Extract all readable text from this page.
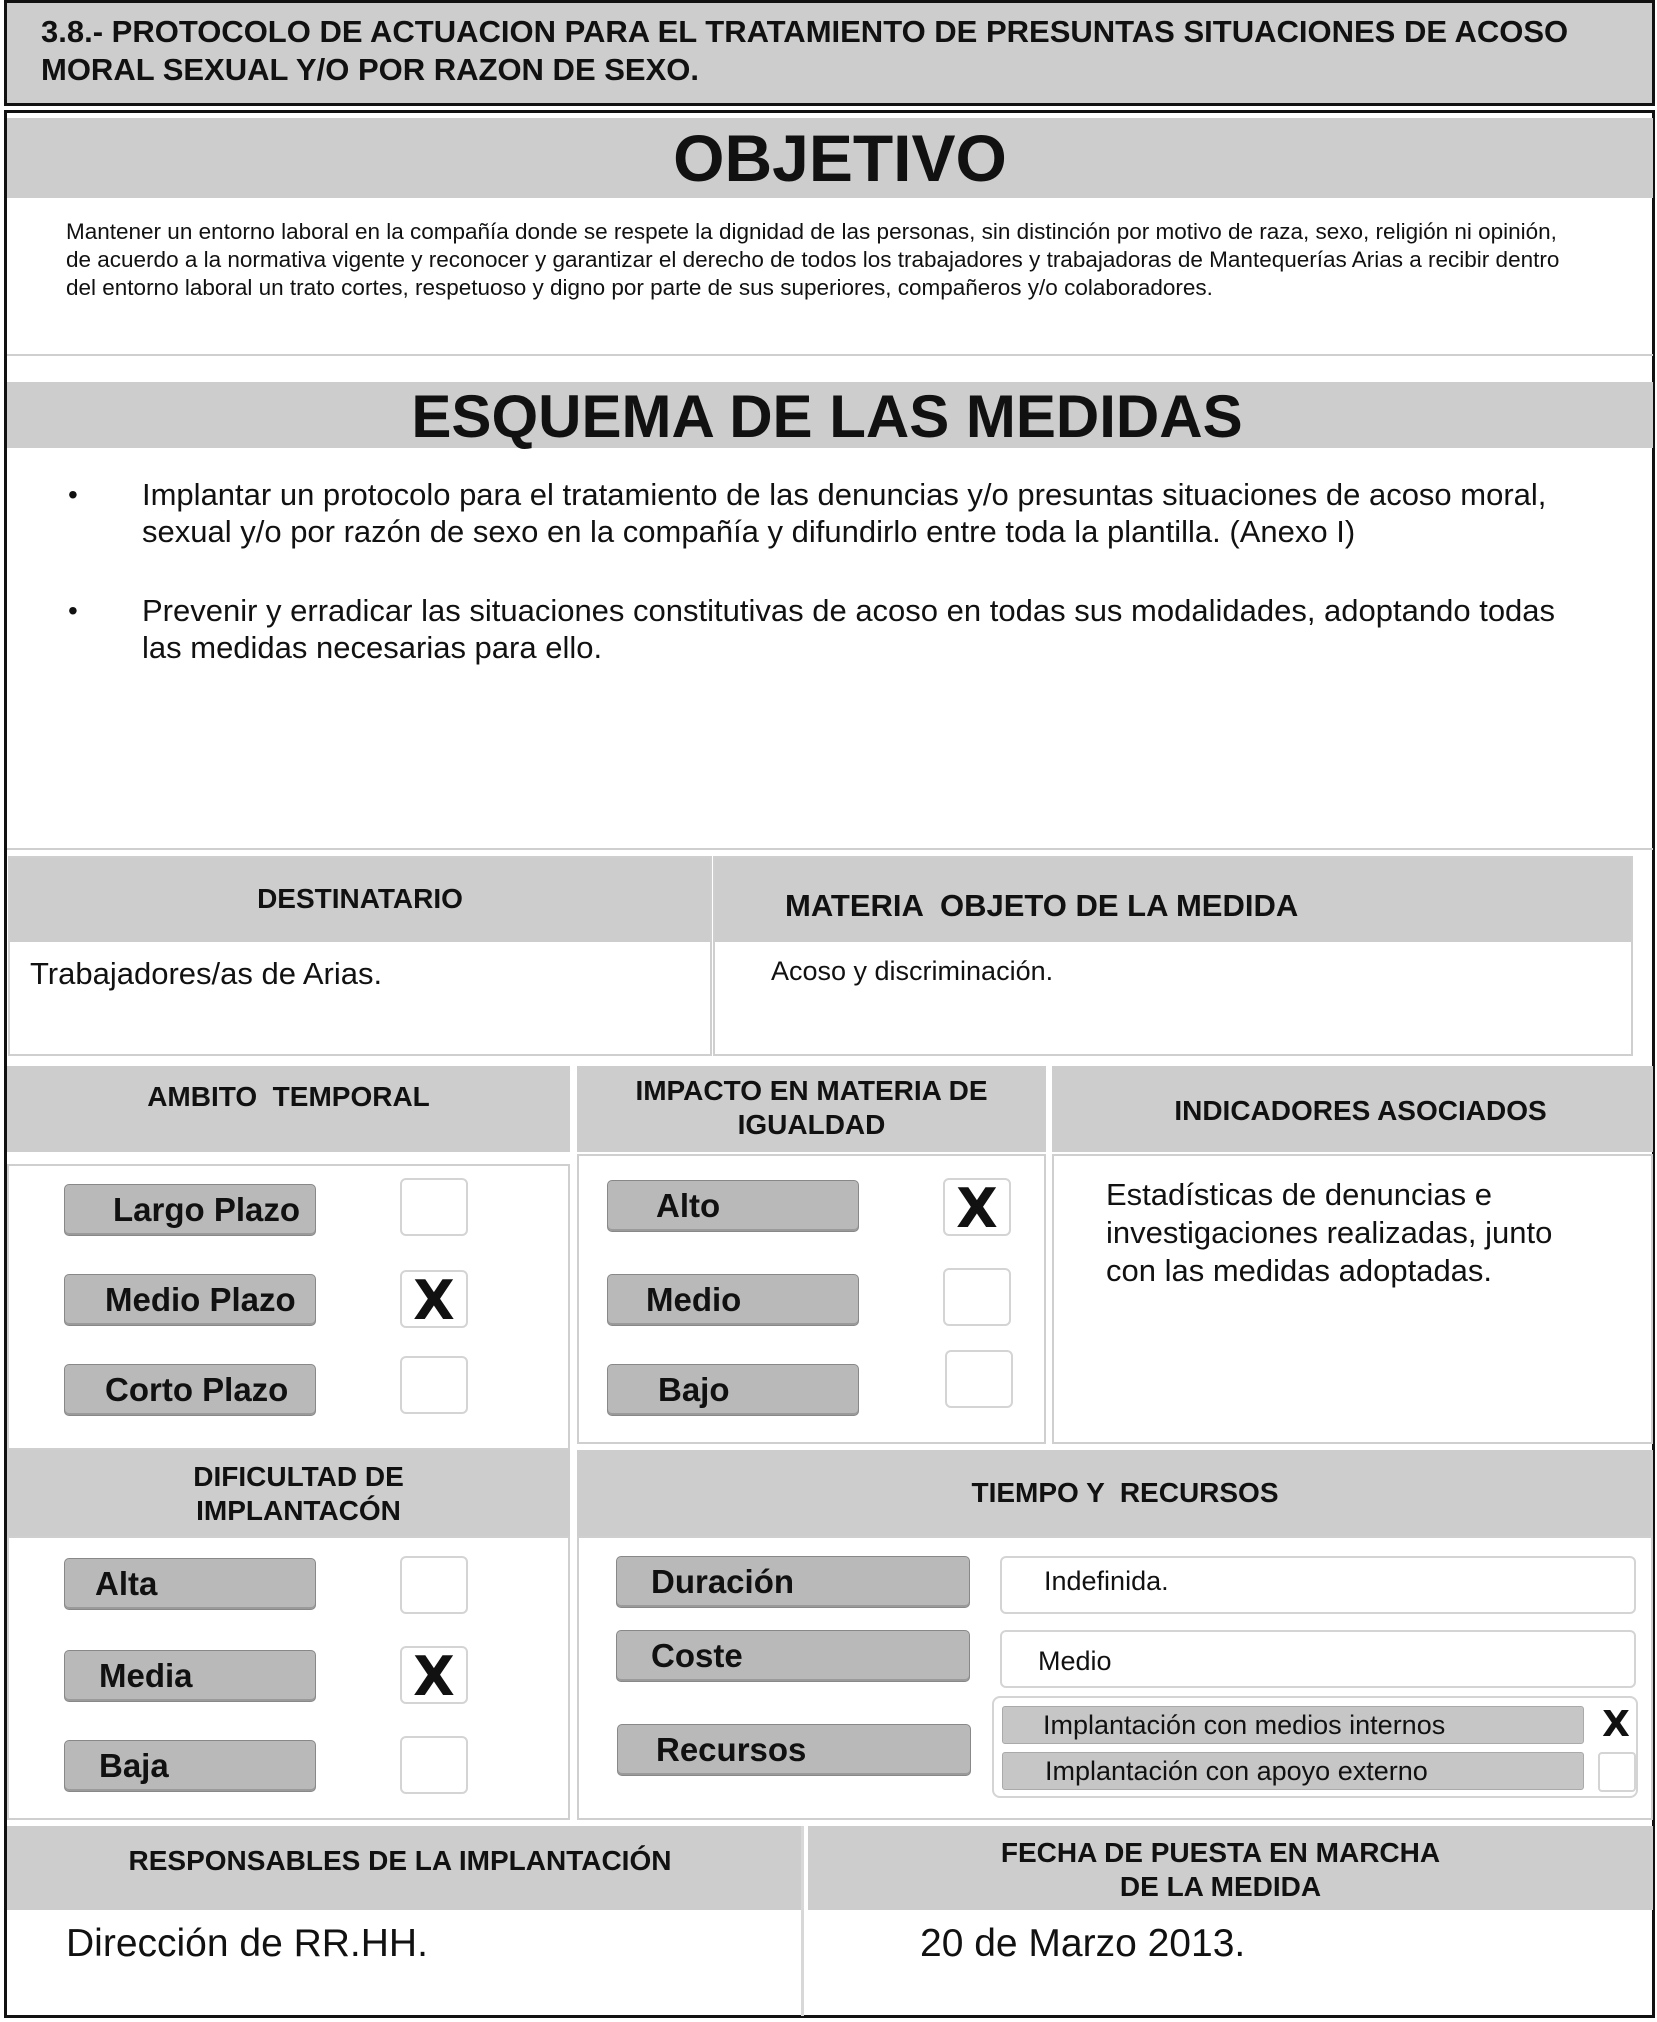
3.8.- PROTOCOLO DE ACTUACION PARA EL TRATAMIENTO DE PRESUNTAS SITUACIONES DE ACOSO MORAL SEXUAL Y/O POR RAZON DE SEXO.
OBJETIVO
Mantener un entorno laboral en la compañía donde se respete la dignidad de las personas, sin distinción por motivo de raza, sexo, religión ni opinión, de acuerdo a la normativa vigente y reconocer y garantizar el derecho de todos los trabajadores y trabajadoras de Mantequerías Arias a recibir dentro del entorno laboral un trato cortes, respetuoso y digno por parte de sus superiores, compañeros y/o colaboradores.
ESQUEMA DE LAS MEDIDAS
• Implantar un protocolo para el tratamiento de las denuncias y/o presuntas situaciones de acoso moral, sexual y/o por razón de sexo en la compañía y difundirlo entre toda la plantilla. (Anexo I)
• Prevenir y erradicar las situaciones constitutivas de acoso en todas sus modalidades, adoptando todas las medidas necesarias para ello.
DESTINATARIO
Trabajadores/as de Arias.
MATERIA  OBJETO DE LA MEDIDA
Acoso y discriminación.
AMBITO  TEMPORAL
Largo Plazo
Medio Plazo	X
Corto Plazo
IMPACTO EN MATERIA DE IGUALDAD
Alto	X
Medio
Bajo
INDICADORES ASOCIADOS
Estadísticas de denuncias e investigaciones realizadas, junto con las medidas adoptadas.
DIFICULTAD DE IMPLANTACÓN
Alta
Media	X
Baja
TIEMPO Y  RECURSOS
Duración	Indefinida.
Coste	Medio
Recursos
Implantación con medios internos	X
Implantación con apoyo externo
RESPONSABLES DE LA IMPLANTACIÓN
Dirección de RR.HH.
FECHA DE PUESTA EN MARCHA DE LA MEDIDA
20 de Marzo 2013.
